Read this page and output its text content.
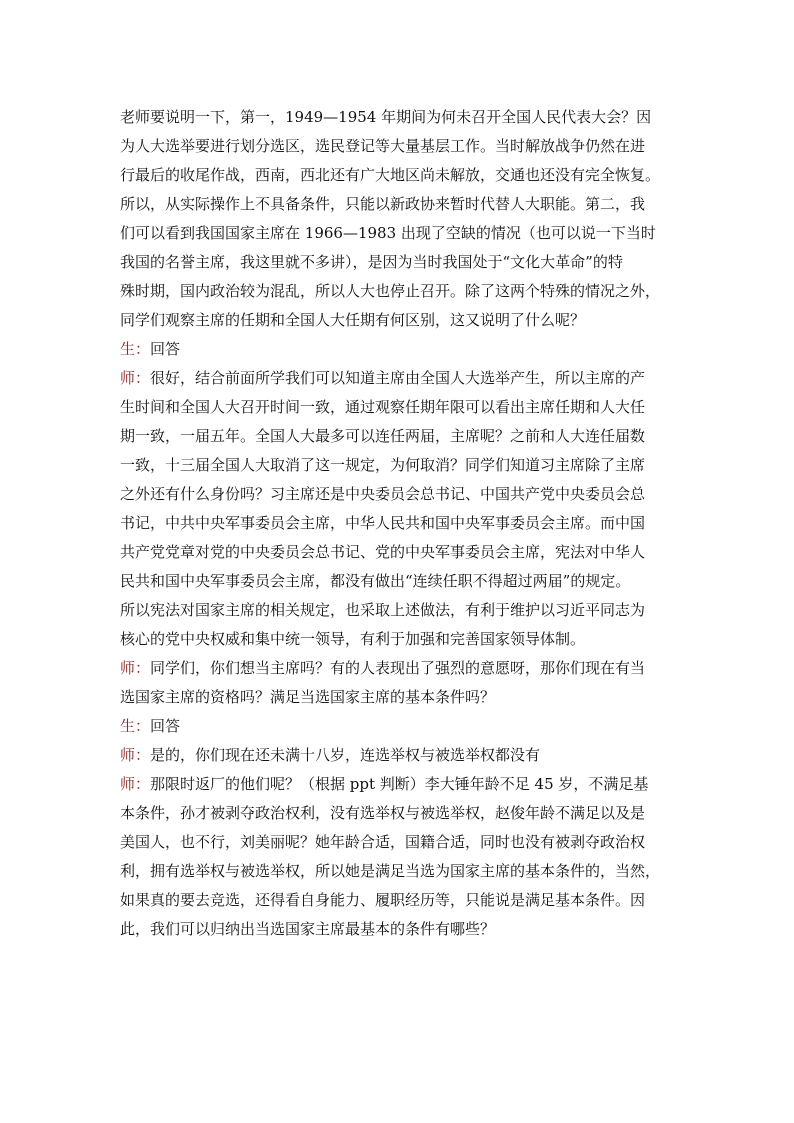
老师要说明一下，第一，1949—1954 年期间为何未召开全国人民代表大会？因
为人大选举要进行划分选区，选民登记等大量基层工作。当时解放战争仍然在进
行最后的收尾作战，西南，西北还有广大地区尚未解放，交通也还没有完全恢复。
所以，从实际操作上不具备条件，只能以新政协来暂时代替人大职能。第二，我
们可以看到我国国家主席在 1966—1983 出现了空缺的情况（也可以说一下当时
我国的名誉主席，我这里就不多讲），是因为当时我国处于“文化大革命”的特
殊时期，国内政治较为混乱，所以人大也停止召开。除了这两个特殊的情况之外，
同学们观察主席的任期和全国人大任期有何区别，这又说明了什么呢？
生：回答
师：很好，结合前面所学我们可以知道主席由全国人大选举产生，所以主席的产
生时间和全国人大召开时间一致，通过观察任期年限可以看出主席任期和人大任
期一致，一届五年。全国人大最多可以连任两届，主席呢？之前和人大连任届数
一致，十三届全国人大取消了这一规定，为何取消？同学们知道习主席除了主席
之外还有什么身份吗？习主席还是中央委员会总书记、中国共产党中央委员会总
书记，中共中央军事委员会主席，中华人民共和国中央军事委员会主席。而中国
共产党党章对党的中央委员会总书记、党的中央军事委员会主席，宪法对中华人
民共和国中央军事委员会主席，都没有做出“连续任职不得超过两届”的规定。
所以宪法对国家主席的相关规定，也采取上述做法，有利于维护以习近平同志为
核心的党中央权威和集中统一领导，有利于加强和完善国家领导体制。
师：同学们，你们想当主席吗？有的人表现出了强烈的意愿呀，那你们现在有当
选国家主席的资格吗？满足当选国家主席的基本条件吗？
生：回答
师：是的，你们现在还未满十八岁，连选举权与被选举权都没有
师：那限时返厂的他们呢？（根据 ppt 判断）李大锤年龄不足 45 岁，不满足基
本条件，孙才被剥夺政治权利，没有选举权与被选举权，赵俊年龄不满足以及是
美国人，也不行，刘美丽呢？她年龄合适，国籍合适，同时也没有被剥夺政治权
利，拥有选举权与被选举权，所以她是满足当选为国家主席的基本条件的，当然，
如果真的要去竞选，还得看自身能力、履职经历等，只能说是满足基本条件。因
此，我们可以归纳出当选国家主席最基本的条件有哪些？
